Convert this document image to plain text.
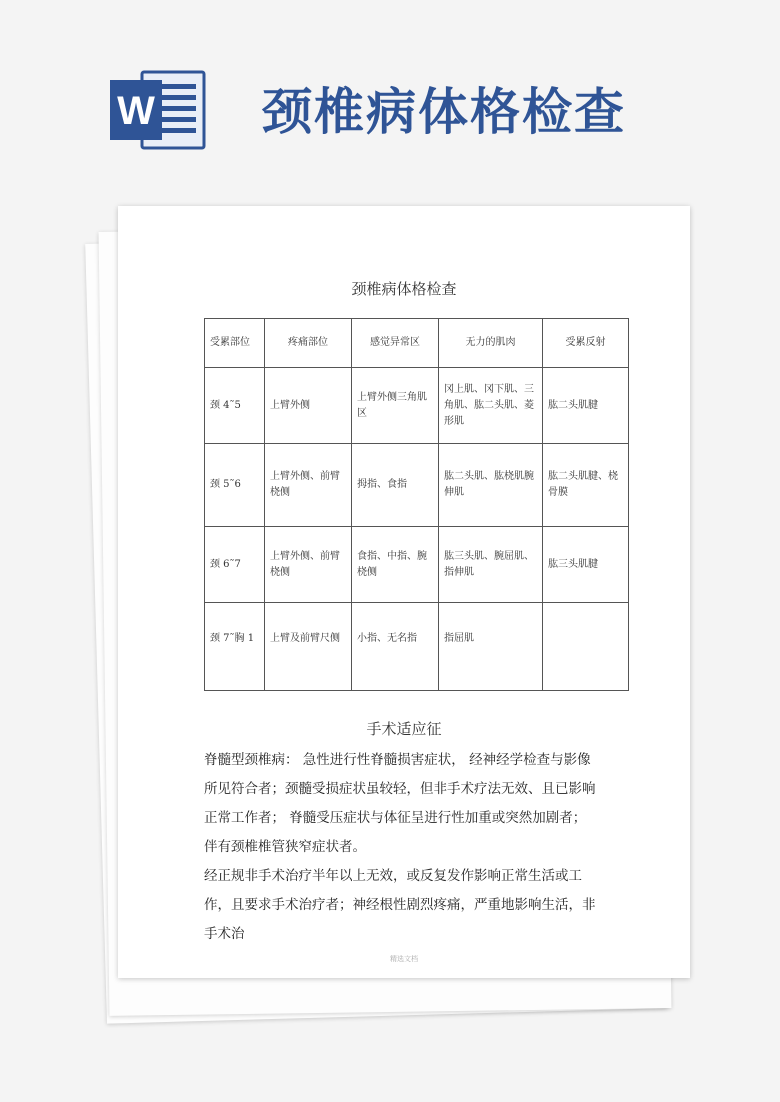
W 颈椎病体格检查
颈椎病体格检查
受累部位	疼痛部位	感觉异常区	无力的肌肉	受累反射
颈 4˜5	上臂外侧	上臂外侧三角肌区	冈上肌、冈下肌、三角肌、肱二头肌、菱形肌	肱二头肌腱
颈 5˜6	上臂外侧、前臂桡侧	拇指、食指	肱二头肌、肱桡肌腕伸肌	肱二头肌腱、桡骨膜
颈 6˜7	上臂外侧、前臂桡侧	食指、中指、腕桡侧	肱三头肌、腕屈肌、指伸肌	肱三头肌腱
颈 7˜胸 1	上臂及前臂尺侧	小指、无名指	指屈肌	
手术适应征

脊髓型颈椎病： 急性进行性脊髓损害症状， 经神经学检查与影像所见符合者；颈髓受损症状虽较轻，但非手术疗法无效、且已影响正常工作者； 脊髓受压症状与体征呈进行性加重或突然加剧者； 伴有颈椎椎管狭窄症状者。

经正规非手术治疗半年以上无效，或反复发作影响正常生活或工作，且要求手术治疗者；神经根性剧烈疼痛，严重地影响生活，非手术治

精选文档
